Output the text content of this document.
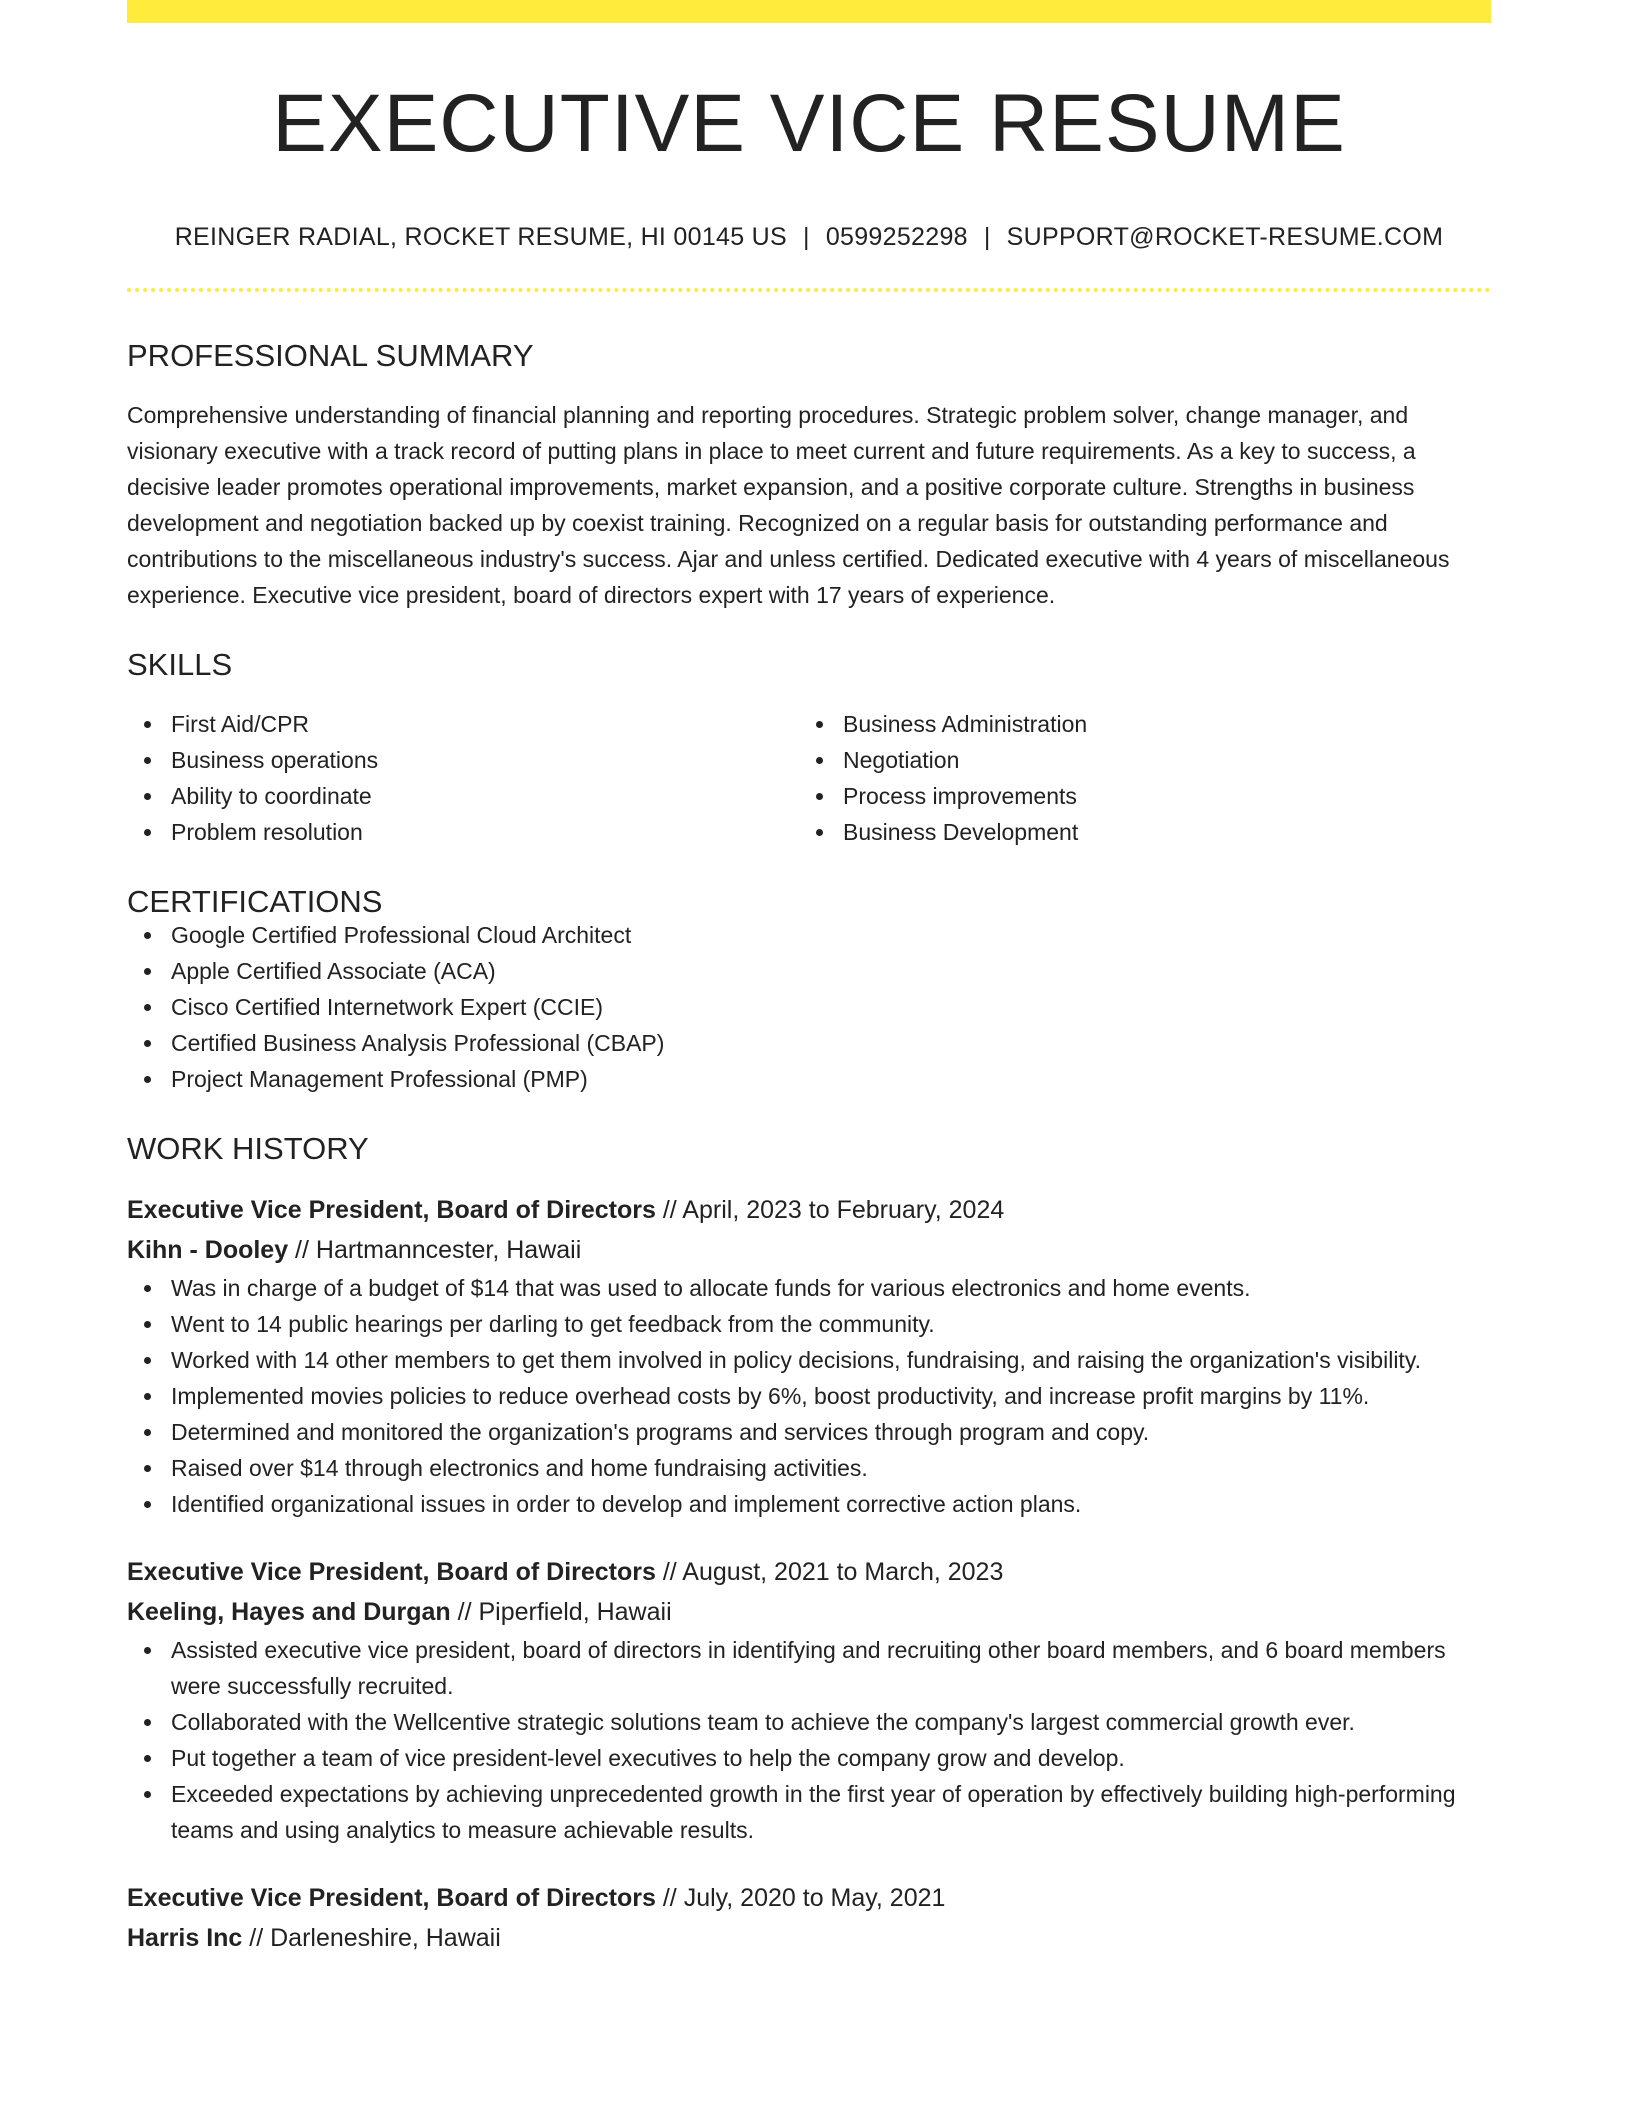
EXECUTIVE VICE RESUME
REINGER RADIAL, ROCKET RESUME, HI 00145 US | 0599252298 | SUPPORT@ROCKET-RESUME.COM
PROFESSIONAL SUMMARY

Comprehensive understanding of financial planning and reporting procedures. Strategic problem solver, change manager, and visionary executive with a track record of putting plans in place to meet current and future requirements. As a key to success, a decisive leader promotes operational improvements, market expansion, and a positive corporate culture. Strengths in business development and negotiation backed up by coexist training. Recognized on a regular basis for outstanding performance and contributions to the miscellaneous industry's success. Ajar and unless certified. Dedicated executive with 4 years of miscellaneous experience. Executive vice president, board of directors expert with 17 years of experience.

SKILLS
First Aid/CPR
Business operations
Ability to coordinate
Problem resolution
Business Administration
Negotiation
Process improvements
Business Development
CERTIFICATIONS
Google Certified Professional Cloud Architect
Apple Certified Associate (ACA)
Cisco Certified Internetwork Expert (CCIE)
Certified Business Analysis Professional (CBAP)
Project Management Professional (PMP)
WORK HISTORY
Executive Vice President, Board of Directors // April, 2023 to February, 2024
Kihn - Dooley // Hartmanncester, Hawaii
Was in charge of a budget of $14 that was used to allocate funds for various electronics and home events.
Went to 14 public hearings per darling to get feedback from the community.
Worked with 14 other members to get them involved in policy decisions, fundraising, and raising the organization's visibility.
Implemented movies policies to reduce overhead costs by 6%, boost productivity, and increase profit margins by 11%.
Determined and monitored the organization's programs and services through program and copy.
Raised over $14 through electronics and home fundraising activities.
Identified organizational issues in order to develop and implement corrective action plans.
Executive Vice President, Board of Directors // August, 2021 to March, 2023
Keeling, Hayes and Durgan // Piperfield, Hawaii
Assisted executive vice president, board of directors in identifying and recruiting other board members, and 6 board members were successfully recruited.
Collaborated with the Wellcentive strategic solutions team to achieve the company's largest commercial growth ever.
Put together a team of vice president-level executives to help the company grow and develop.
Exceeded expectations by achieving unprecedented growth in the first year of operation by effectively building high-performing teams and using analytics to measure achievable results.
Executive Vice President, Board of Directors // July, 2020 to May, 2021
Harris Inc // Darleneshire, Hawaii
